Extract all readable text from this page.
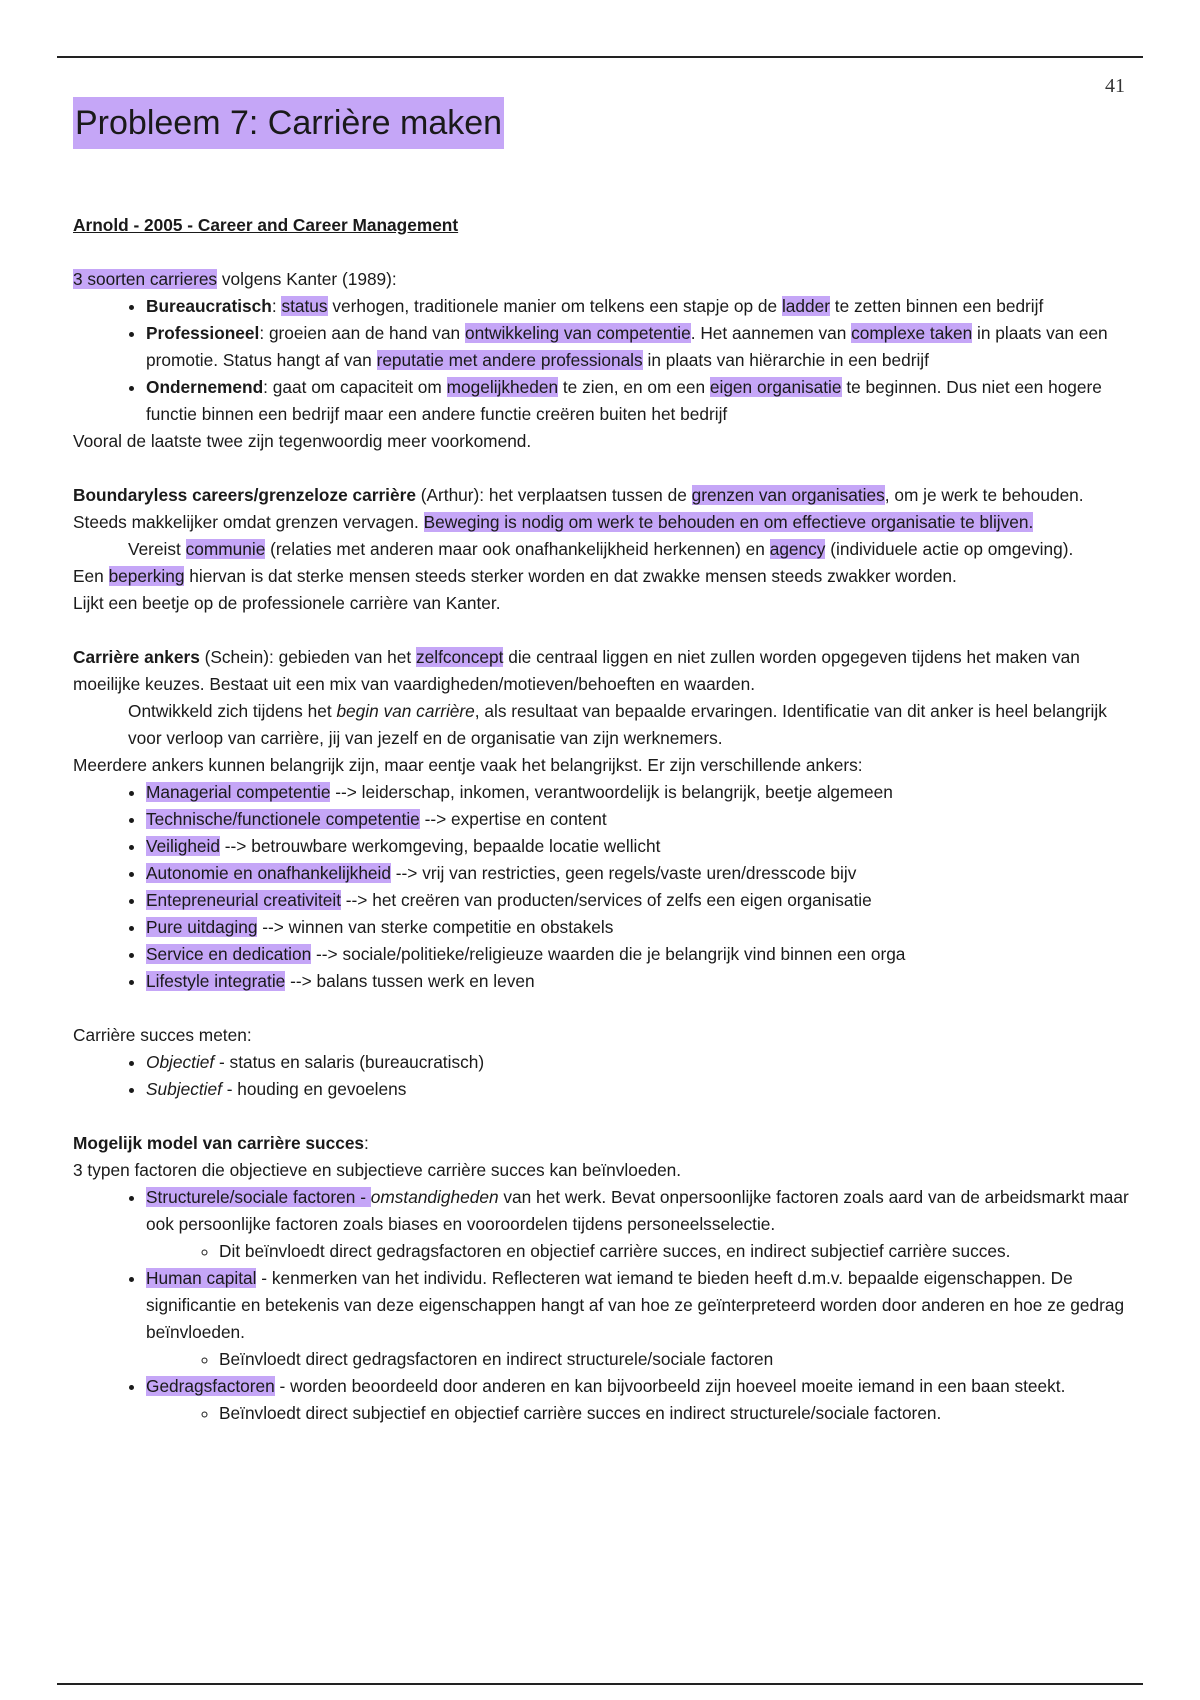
41
Probleem 7: Carrière maken

Arnold - 2005 - Career and Career Management

3 soorten carrieres volgens Kanter (1989):

• Bureaucratisch: status verhogen, traditionele manier om telkens een stapje op de ladder te zetten binnen een bedrijf
• Professioneel: groeien aan de hand van ontwikkeling van competentie. Het aannemen van complexe taken in plaats van een promotie. Status hangt af van reputatie met andere professionals in plaats van hiërarchie in een bedrijf
• Ondernemend: gaat om capaciteit om mogelijkheden te zien, en om een eigen organisatie te beginnen. Dus niet een hogere functie binnen een bedrijf maar een andere functie creëren buiten het bedrijf

Vooral de laatste twee zijn tegenwoordig meer voorkomend.

Boundaryless careers/grenzeloze carrière (Arthur): het verplaatsen tussen de grenzen van organisaties, om je werk te behouden. Steeds makkelijker omdat grenzen vervagen. Beweging is nodig om werk te behouden en om effectieve organisatie te blijven.

Vereist communie (relaties met anderen maar ook onafhankelijkheid herkennen) en agency (individuele actie op omgeving).

Een beperking hiervan is dat sterke mensen steeds sterker worden en dat zwakke mensen steeds zwakker worden.

Lijkt een beetje op de professionele carrière van Kanter.

Carrière ankers (Schein): gebieden van het zelfconcept die centraal liggen en niet zullen worden opgegeven tijdens het maken van moeilijke keuzes. Bestaat uit een mix van vaardigheden/motieven/behoeften en waarden.

Ontwikkeld zich tijdens het begin van carrière, als resultaat van bepaalde ervaringen. Identificatie van dit anker is heel belangrijk voor verloop van carrière, jij van jezelf en de organisatie van zijn werknemers.

Meerdere ankers kunnen belangrijk zijn, maar eentje vaak het belangrijkst. Er zijn verschillende ankers:

• Managerial competentie --> leiderschap, inkomen, verantwoordelijk is belangrijk, beetje algemeen
• Technische/functionele competentie --> expertise en content
• Veiligheid --> betrouwbare werkomgeving, bepaalde locatie wellicht
• Autonomie en onafhankelijkheid --> vrij van restricties, geen regels/vaste uren/dresscode bijv
• Entepreneurial creativiteit --> het creëren van producten/services of zelfs een eigen organisatie
• Pure uitdaging --> winnen van sterke competitie en obstakels
• Service en dedication --> sociale/politieke/religieuze waarden die je belangrijk vind binnen een orga
• Lifestyle integratie --> balans tussen werk en leven

Carrière succes meten:

• Objectief - status en salaris (bureaucratisch)
• Subjectief - houding en gevoelens

Mogelijk model van carrière succes:

3 typen factoren die objectieve en subjectieve carrière succes kan beïnvloeden.

• Structurele/sociale factoren - omstandigheden van het werk. Bevat onpersoonlijke factoren zoals aard van de arbeidsmarkt maar ook persoonlijke factoren zoals biases en vooroordelen tijdens personeelsselectie.
◦ Dit beïnvloedt direct gedragsfactoren en objectief carrière succes, en indirect subjectief carrière succes.
• Human capital - kenmerken van het individu. Reflecteren wat iemand te bieden heeft d.m.v. bepaalde eigenschappen. De significantie en betekenis van deze eigenschappen hangt af van hoe ze geïnterpreteerd worden door anderen en hoe ze gedrag beïnvloeden.
◦ Beïnvloedt direct gedragsfactoren en indirect structurele/sociale factoren
• Gedragsfactoren - worden beoordeeld door anderen en kan bijvoorbeeld zijn hoeveel moeite iemand in een baan steekt.
◦ Beïnvloedt direct subjectief en objectief carrière succes en indirect structurele/sociale factoren.
